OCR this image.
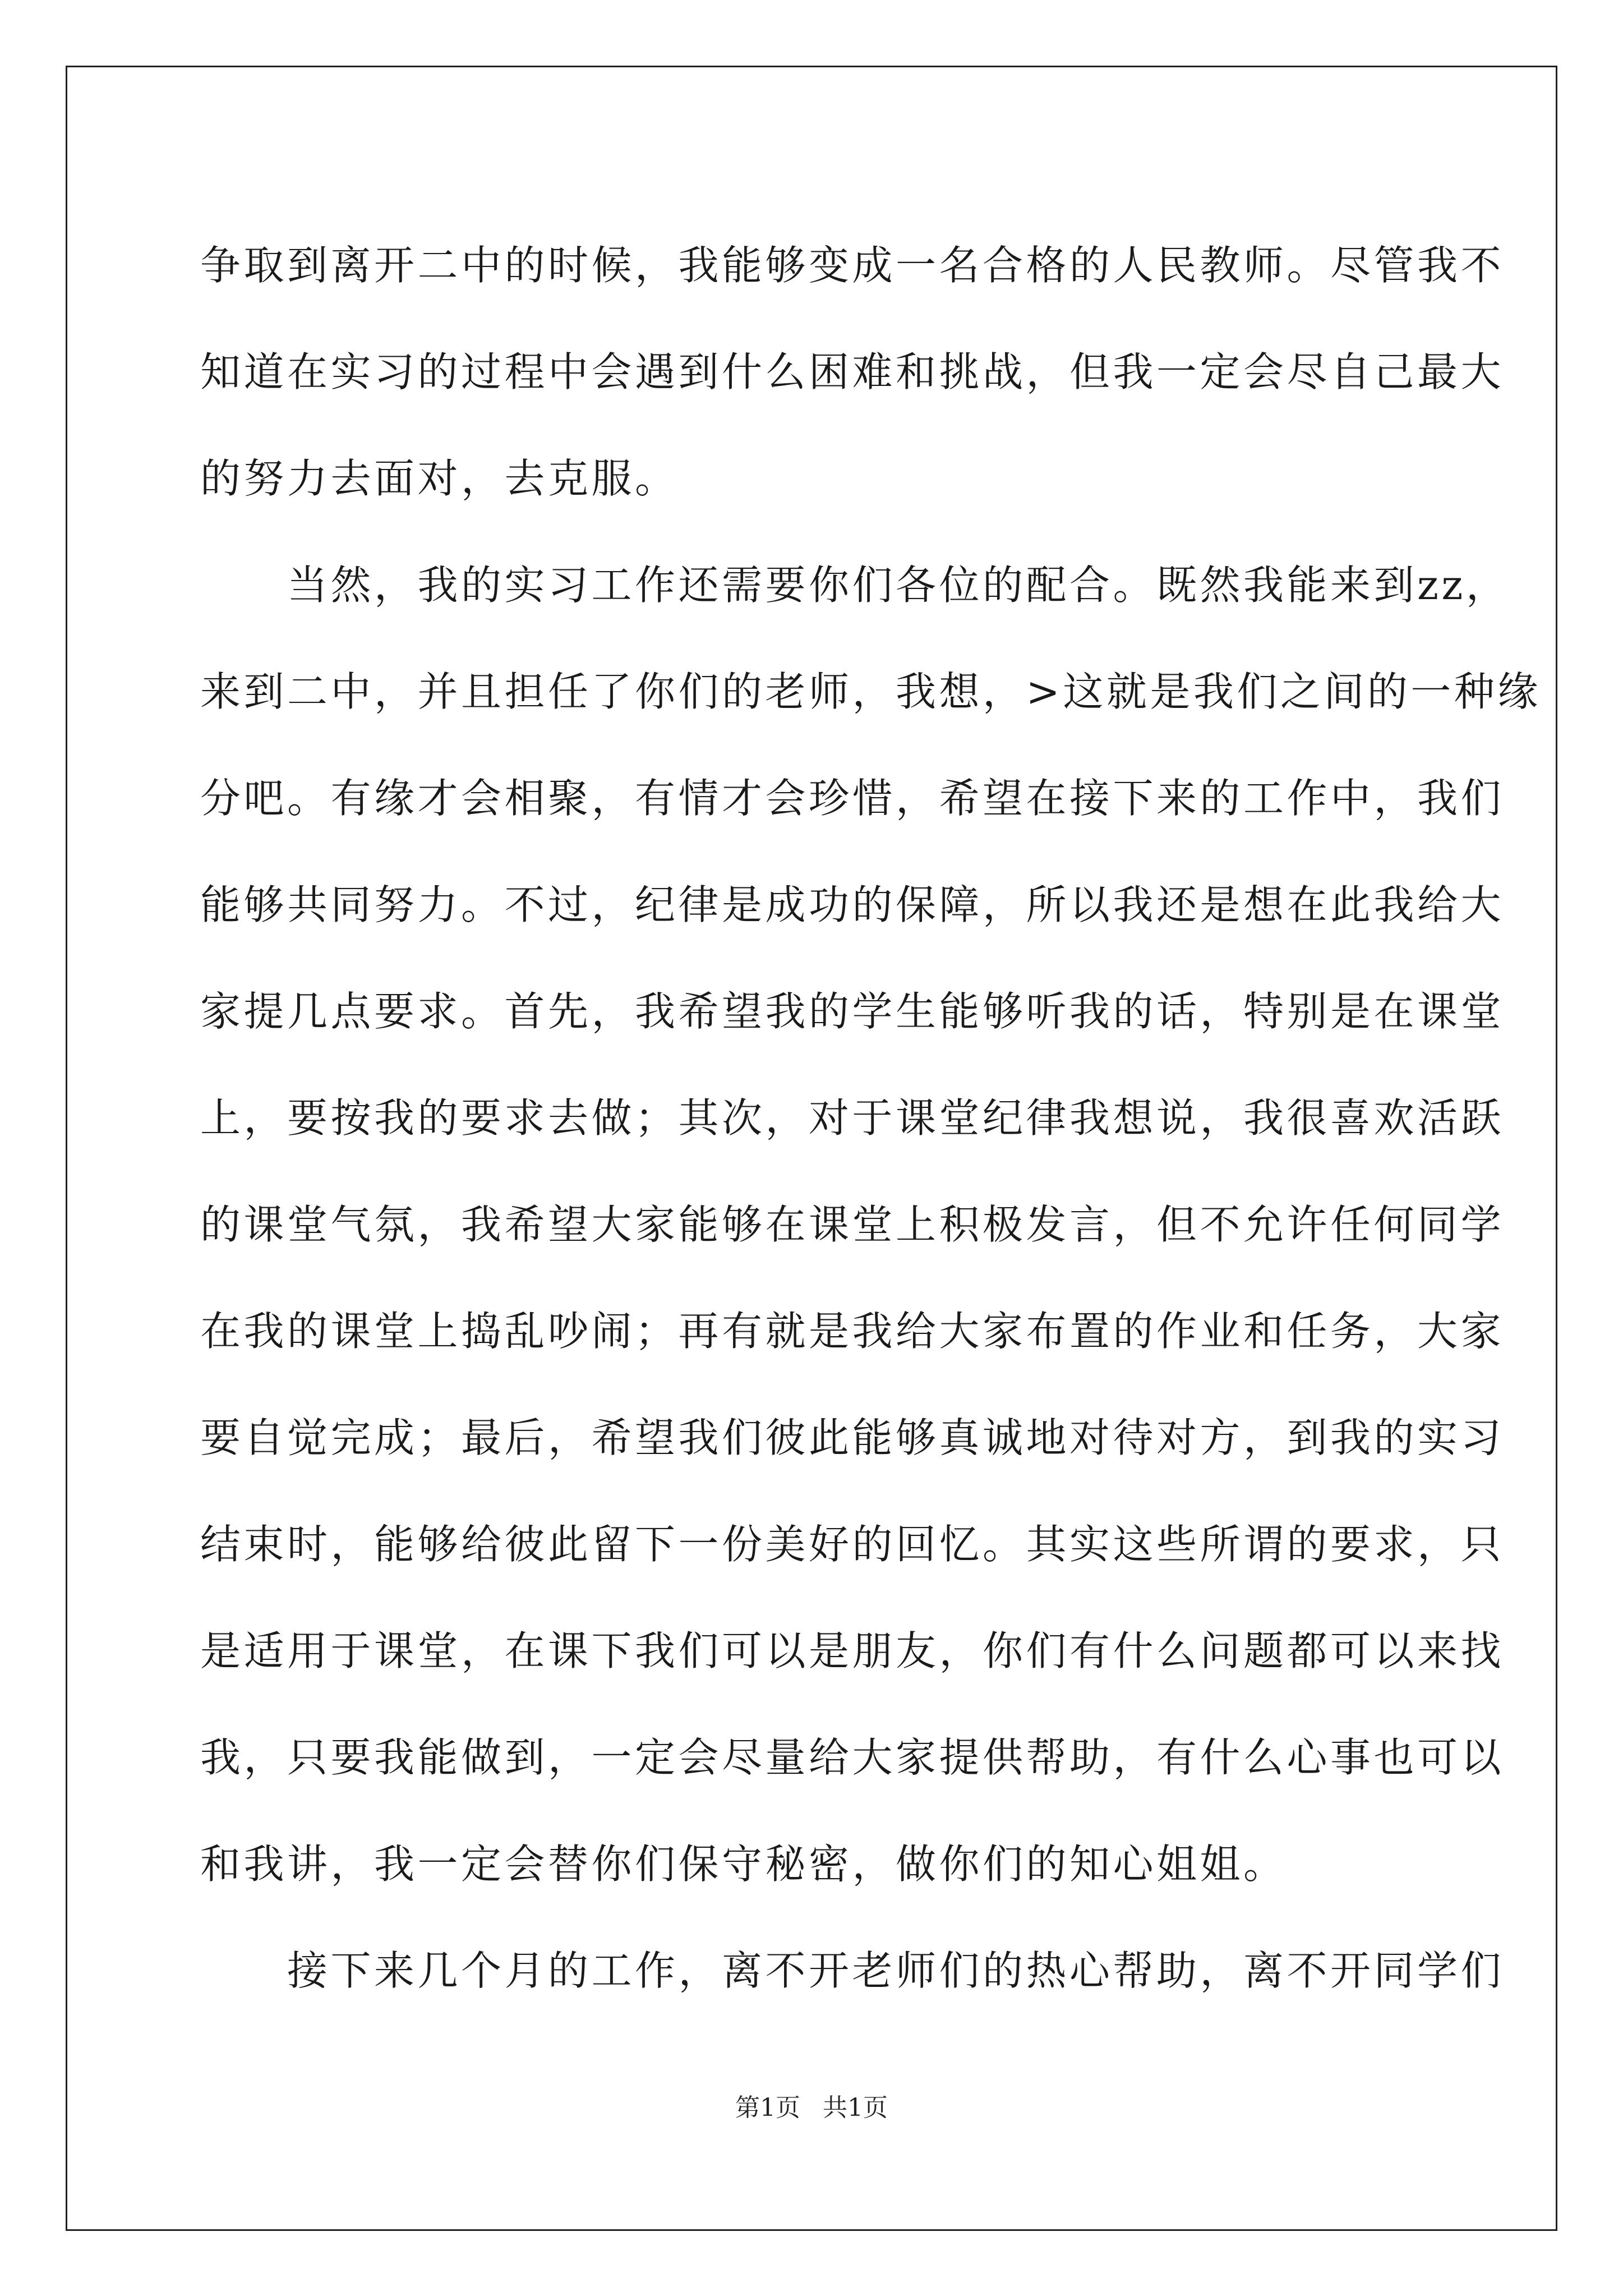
争取到离开二中的时候，我能够变成一名合格的人民教师。尽管我不
知道在实习的过程中会遇到什么困难和挑战，但我一定会尽自己最大
的努力去面对，去克服。
　　当然，我的实习工作还需要你们各位的配合。既然我能来到zz，
来到二中，并且担任了你们的老师，我想，>这就是我们之间的一种缘
分吧。有缘才会相聚，有情才会珍惜，希望在接下来的工作中，我们
能够共同努力。不过，纪律是成功的保障，所以我还是想在此我给大
家提几点要求。首先，我希望我的学生能够听我的话，特别是在课堂
上，要按我的要求去做；其次，对于课堂纪律我想说，我很喜欢活跃
的课堂气氛，我希望大家能够在课堂上积极发言，但不允许任何同学
在我的课堂上捣乱吵闹；再有就是我给大家布置的作业和任务，大家
要自觉完成；最后，希望我们彼此能够真诚地对待对方，到我的实习
结束时，能够给彼此留下一份美好的回忆。其实这些所谓的要求，只
是适用于课堂，在课下我们可以是朋友，你们有什么问题都可以来找
我，只要我能做到，一定会尽量给大家提供帮助，有什么心事也可以
和我讲，我一定会替你们保守秘密，做你们的知心姐姐。
　　接下来几个月的工作，离不开老师们的热心帮助，离不开同学们
第1页 共1页
